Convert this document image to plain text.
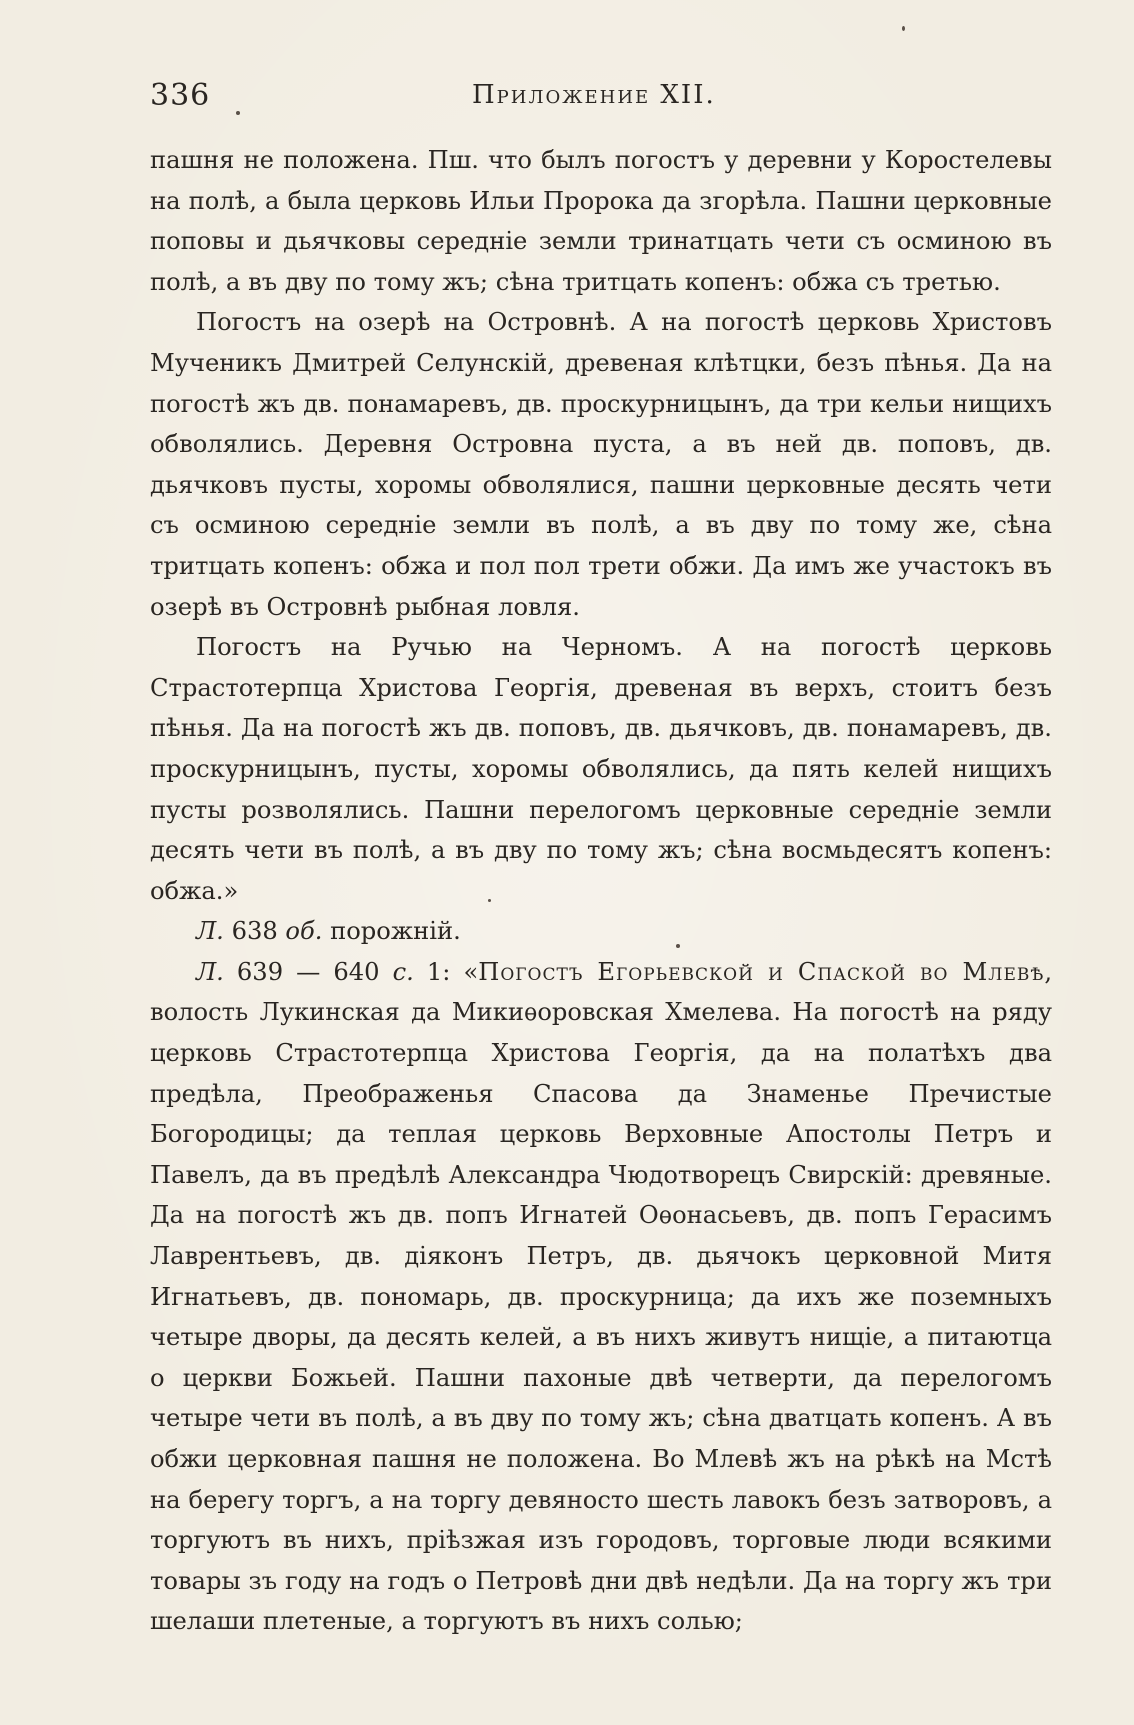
336	Приложение XII.

пашня не положена. Пш. что былъ погостъ у деревни у Коростелевы на полѣ, а была церковь Ильи Пророка да згорѣла. Пашни церковные поповы и дьячковы середніе земли тринатцать чети съ осминою въ полѣ, а въ дву по тому жъ; сѣна тритцать копенъ: обжа съ третью.

Погостъ на озерѣ на Островнѣ. А на погостѣ церковь Христовъ Мученикъ Дмитрей Селунскій, древеная клѣтцки, безъ пѣнья. Да на погостѣ жъ дв. понамаревъ, дв. проскурницынъ, да три кельи нищихъ обволялись. Деревня Островна пуста, а въ ней дв. поповъ, дв. дьячковъ пусты, хоромы обволялися, пашни церковные десять чети съ осминою середніе земли въ полѣ, а въ дву по тому же, сѣна тритцать копенъ: обжа и пол пол трети обжи. Да имъ же участокъ въ озерѣ въ Островнѣ рыбная ловля.

Погостъ на Ручью на Черномъ. А на погостѣ церковь Страстотерпца Христова Георгія, древеная въ верхъ, стоитъ безъ пѣнья. Да на погостѣ жъ дв. поповъ, дв. дьячковъ, дв. понамаревъ, дв. проскурницынъ, пусты, хоромы обволялись, да пять келей нищихъ пусты розволялись. Пашни перелогомъ церковные середніе земли десять чети въ полѣ, а въ дву по тому жъ; сѣна восмьдесятъ копенъ: обжа.»

Л. 638 об. порожній.

Л. 639 — 640 с. 1: «Погостъ Егорьевской и Спаской во Млевѣ, волость Лукинская да Микиѳоровская Хмелева. На погостѣ на ряду церковь Страстотерпца Христова Георгія, да на полатѣхъ два предѣла, Преображенья Спасова да Знаменье Пречистые Богородицы; да теплая церковь Верховные Апостолы Петръ и Павелъ, да въ предѣлѣ Александра Чюдотворецъ Свирскій: древяные. Да на погостѣ жъ дв. попъ Игнатей Оѳонасьевъ, дв. попъ Герасимъ Лаврентьевъ, дв. діяконъ Петръ, дв. дьячокъ церковной Митя Игнатьевъ, дв. пономарь, дв. проскурница; да ихъ же поземныхъ четыре дворы, да десять келей, а въ нихъ живутъ нищіе, а питаютца о церкви Божьей. Пашни пахоные двѣ четверти, да перелогомъ четыре чети въ полѣ, а въ дву по тому жъ; сѣна дватцать копенъ. А въ обжи церковная пашня не положена. Во Млевѣ жъ на рѣкѣ на Мстѣ на берегу торгъ, а на торгу девяносто шесть лавокъ безъ затворовъ, а торгуютъ въ нихъ, пріѣзжая изъ городовъ, торговые люди всякими товары зъ году на годъ о Петровѣ дни двѣ недѣли. Да на торгу жъ три шелаши плетеные, а торгуютъ въ нихъ солью;
